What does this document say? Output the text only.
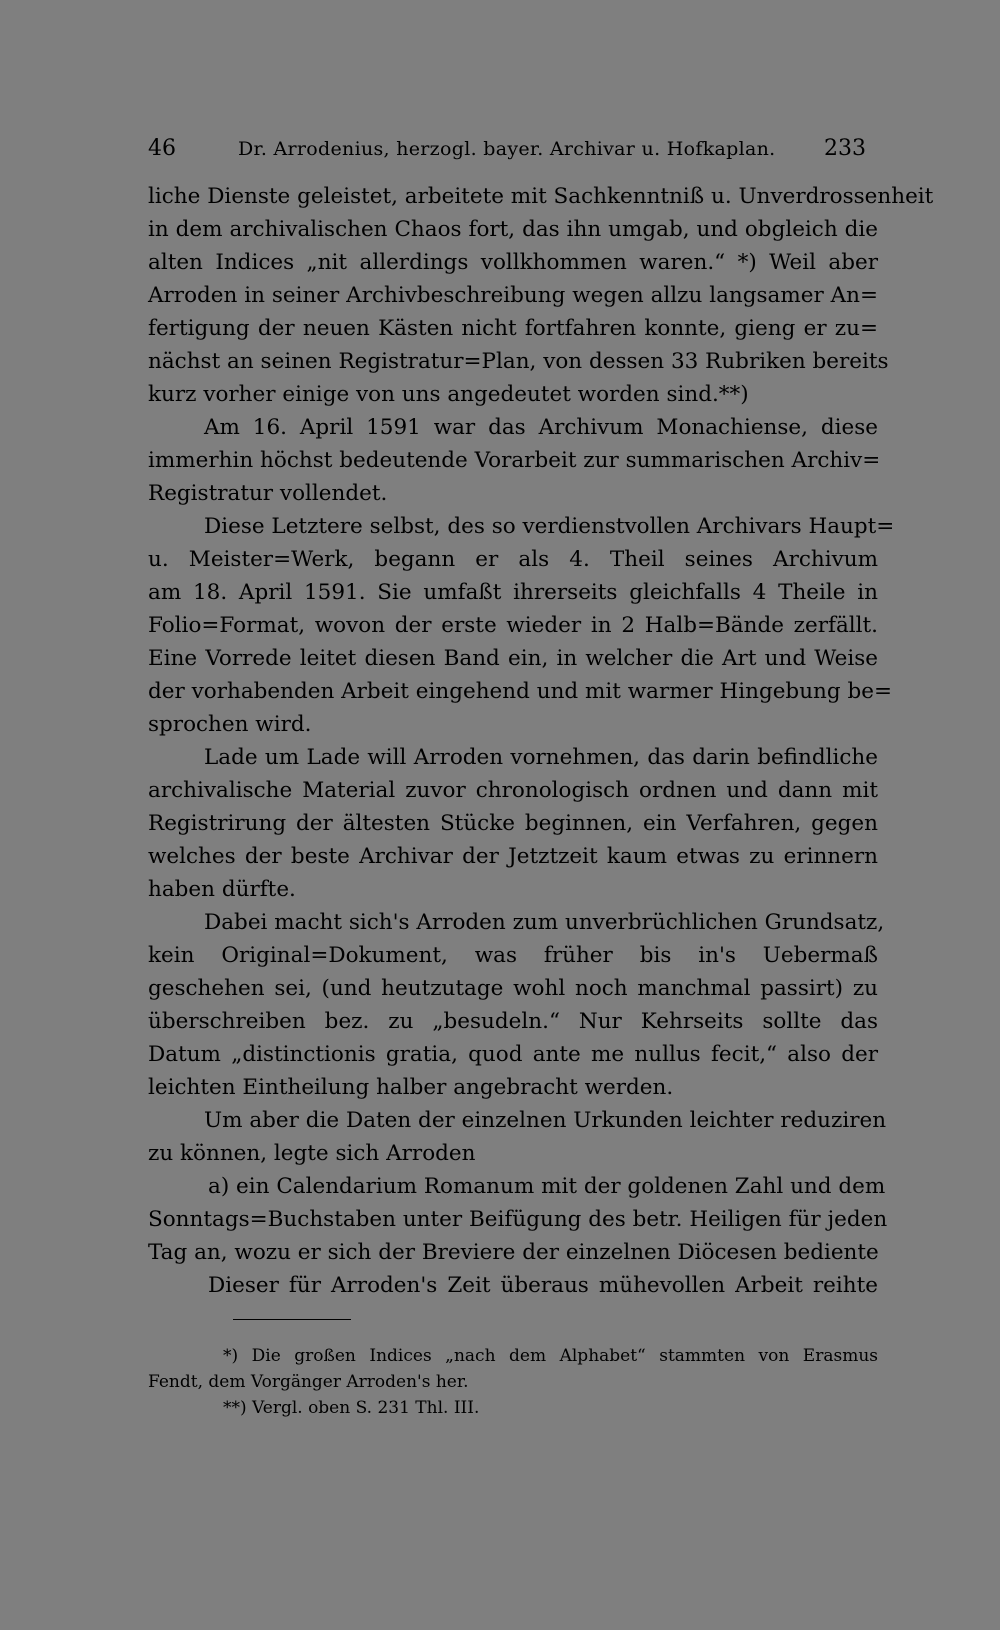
46	Dr. Arrodenius, herzogl. bayer. Archivar u. Hofkaplan. 233
liche Dienste geleistet, arbeitete mit Sachkenntniß u. Unverdrossenheit
in dem archivalischen Chaos fort, das ihn umgab, und obgleich die
alten Indices „nit allerdings vollkhommen waren.“ *) Weil aber
Arroden in seiner Archivbeschreibung wegen allzu langsamer An=
fertigung der neuen Kästen nicht fortfahren konnte, gieng er zu=
nächst an seinen Registratur=Plan, von dessen 33 Rubriken bereits
kurz vorher einige von uns angedeutet worden sind.**)
Am 16. April 1591 war das Archivum Monachiense, diese
immerhin höchst bedeutende Vorarbeit zur summarischen Archiv=
Registratur vollendet.
Diese Letztere selbst, des so verdienstvollen Archivars Haupt=
u. Meister=Werk, begann er als 4. Theil seines Archivum
am 18. April 1591. Sie umfaßt ihrerseits gleichfalls 4 Theile in
Folio=Format, wovon der erste wieder in 2 Halb=Bände zerfällt.
Eine Vorrede leitet diesen Band ein, in welcher die Art und Weise
der vorhabenden Arbeit eingehend und mit warmer Hingebung be=
sprochen wird.
Lade um Lade will Arroden vornehmen, das darin befindliche
archivalische Material zuvor chronologisch ordnen und dann mit
Registrirung der ältesten Stücke beginnen, ein Verfahren, gegen
welches der beste Archivar der Jetztzeit kaum etwas zu erinnern
haben dürfte.
Dabei macht sich's Arroden zum unverbrüchlichen Grundsatz,
kein Original=Dokument, was früher bis in's Uebermaß
geschehen sei, (und heutzutage wohl noch manchmal passirt) zu
überschreiben bez. zu „besudeln.“ Nur Kehrseits sollte das
Datum „distinctionis gratia, quod ante me nullus fecit,“ also der
leichten Eintheilung halber angebracht werden.
Um aber die Daten der einzelnen Urkunden leichter reduziren
zu können, legte sich Arroden
a) ein Calendarium Romanum mit der goldenen Zahl und dem
Sonntags=Buchstaben unter Beifügung des betr. Heiligen für jeden
Tag an, wozu er sich der Breviere der einzelnen Diöcesen bediente
Dieser für Arroden's Zeit überaus mühevollen Arbeit reihte
*) Die großen Indices „nach dem Alphabet“ stammten von Erasmus
Fendt, dem Vorgänger Arroden's her.
**) Vergl. oben S. 231 Thl. III.
